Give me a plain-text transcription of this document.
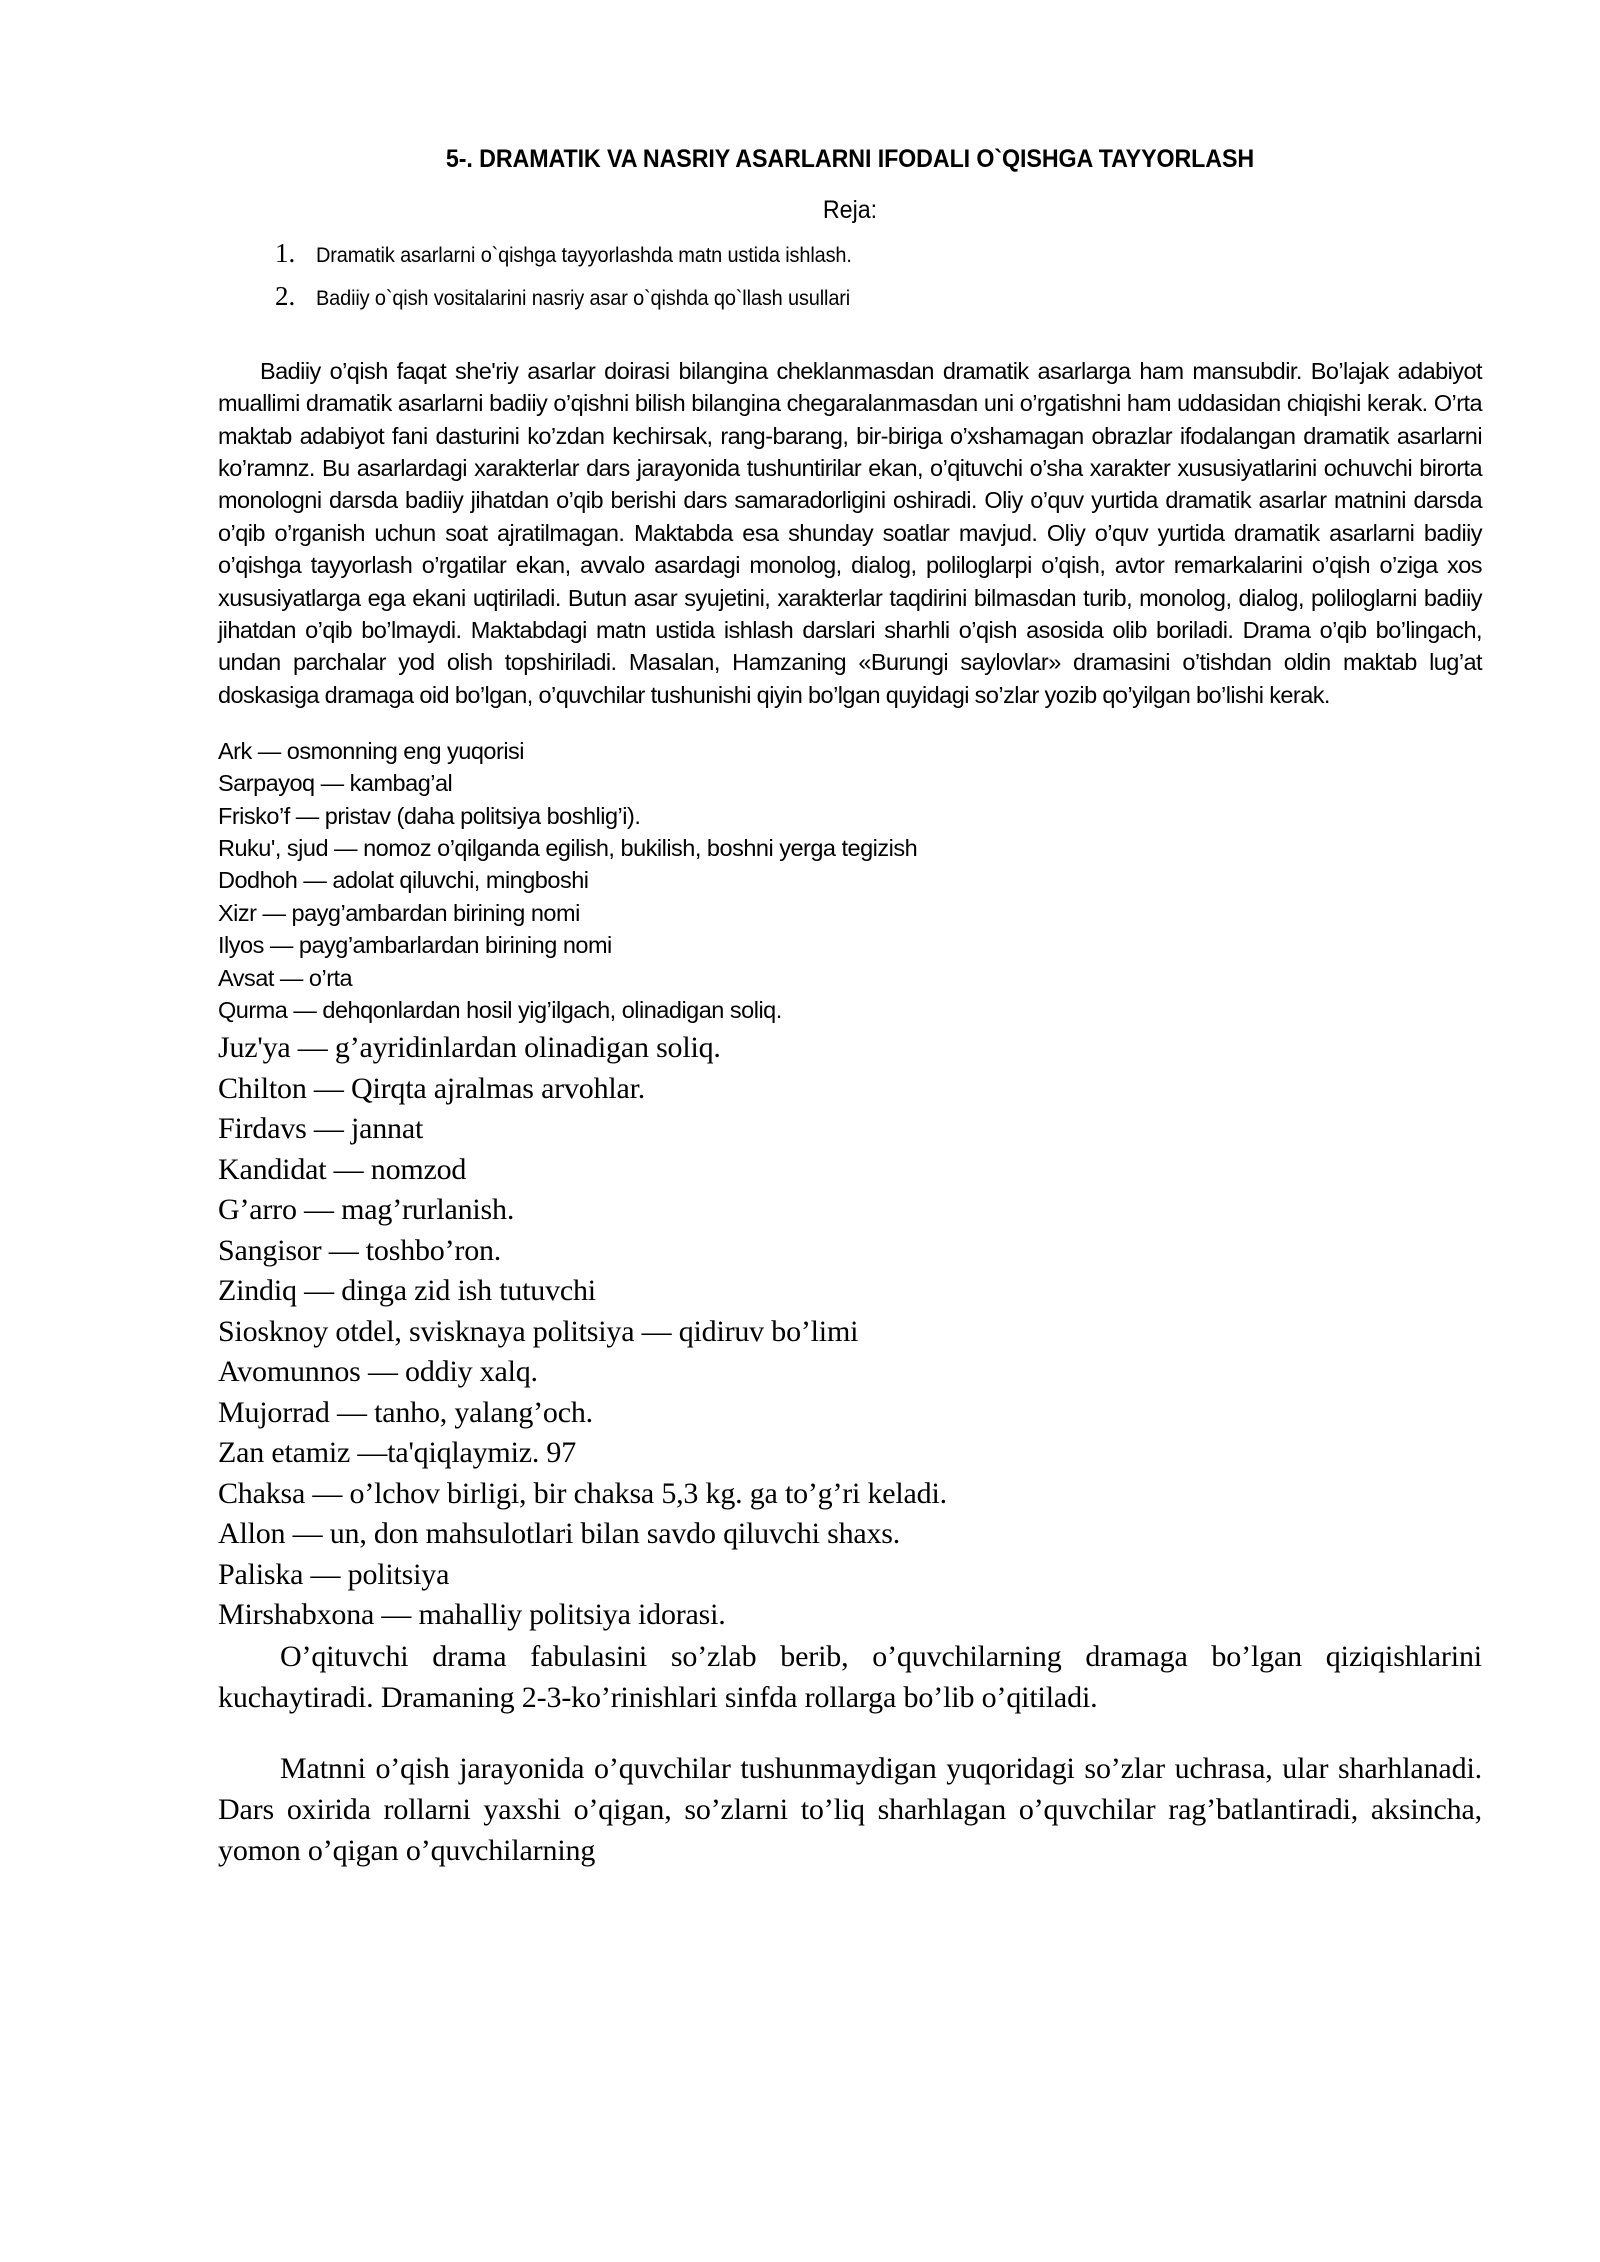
5-. DRAMATIK VA NASRIY ASARLARNI IFODALI O`QISHGA TAYYORLASH
Reja:
1. Dramatik asarlarni o`qishga tayyorlashda matn ustida ishlash.
2. Badiiy o`qish vositalarini nasriy asar o`qishda qo`llash usullari

Badiiy o’qish faqat she'riy asarlar doirasi bilangina cheklanmasdan dramatik asarlarga ham mansubdir. Bo’lajak adabiyot muallimi dramatik asarlarni badiiy o’qishni bilish bilangina chegaralanmasdan uni o’rgatishni ham uddasidan chiqishi kerak. O’rta maktab adabiyot fani dasturini ko’zdan kechirsak, rang-barang, bir-biriga o’xshamagan obrazlar ifodalangan dramatik asarlarni ko’ramnz. Bu asarlardagi xarakterlar dars jarayonida tushuntirilar ekan, o’qituvchi o’sha xarakter xususiyatlarini ochuvchi birorta monologni darsda badiiy jihatdan o’qib berishi dars samaradorligini oshiradi. Oliy o’quv yurtida dramatik asarlar matnini darsda o’qib o’rganish uchun soat ajratilmagan. Maktabda esa shunday soatlar mavjud. Oliy o’quv yurtida dramatik asarlarni badiiy o’qishga tayyorlash o’rgatilar ekan, avvalo asardagi monolog, dialog, poliloglarpi o’qish, avtor remarkalarini o’qish o’ziga xos xususiyatlarga ega ekani uqtiriladi. Butun asar syujetini, xarakterlar taqdirini bilmasdan turib, monolog, dialog, poliloglarni badiiy jihatdan o’qib bo’lmaydi. Maktabdagi matn ustida ishlash darslari sharhli o’qish asosida olib boriladi. Drama o’qib bo’lingach, undan parchalar yod olish topshiriladi. Masalan, Hamzaning «Burungi saylovlar» dramasini o’tishdan oldin maktab lug’at doskasiga dramaga oid bo’lgan, o’quvchilar tushunishi qiyin bo’lgan quyidagi so’zlar yozib qo’yilgan bo’lishi kerak.

Ark — osmonning eng yuqorisi
Sarpayoq — kambag’al
Frisko’f — pristav (daha politsiya boshlig’i).
Ruku', sjud — nomoz o’qilganda egilish, bukilish, boshni yerga tegizish
Dodhoh — adolat qiluvchi, mingboshi
Xizr — payg’ambardan birining nomi
Ilyos — payg’ambarlardan birining nomi
Avsat — o’rta
Qurma — dehqonlardan hosil yig’ilgach, olinadigan soliq.
Juz'ya — g’ayridinlardan olinadigan soliq.
Chilton — Qirqta ajralmas arvohlar.
Firdavs — jannat
Kandidat — nomzod
G’arro — mag’rurlanish.
Sangisor — toshbo’ron.
Zindiq — dinga zid ish tutuvchi
Siosknoy otdel, svisknaya politsiya — qidiruv bo’limi
Avomunnos — oddiy xalq.
Mujorrad — tanho, yalang’och.
Zan etamiz —ta'qiqlaymiz. 97
Chaksa — o’lchov birligi, bir chaksa 5,3 kg. ga to’g’ri keladi.
Allon — un, don mahsulotlari bilan savdo qiluvchi shaxs.
Paliska — politsiya
Mirshabxona — mahalliy politsiya idorasi.

O’qituvchi drama fabulasini so’zlab berib, o’quvchilarning dramaga bo’lgan qiziqishlarini kuchaytiradi. Dramaning 2-3-ko’rinishlari sinfda rollarga bo’lib o’qitiladi.

Matnni o’qish jarayonida o’quvchilar tushunmaydigan yuqoridagi so’zlar uchrasa, ular sharhlanadi. Dars oxirida rollarni yaxshi o’qigan, so’zlarni to’liq sharhlagan o’quvchilar rag’batlantiradi, aksincha, yomon o’qigan o’quvchilarning
